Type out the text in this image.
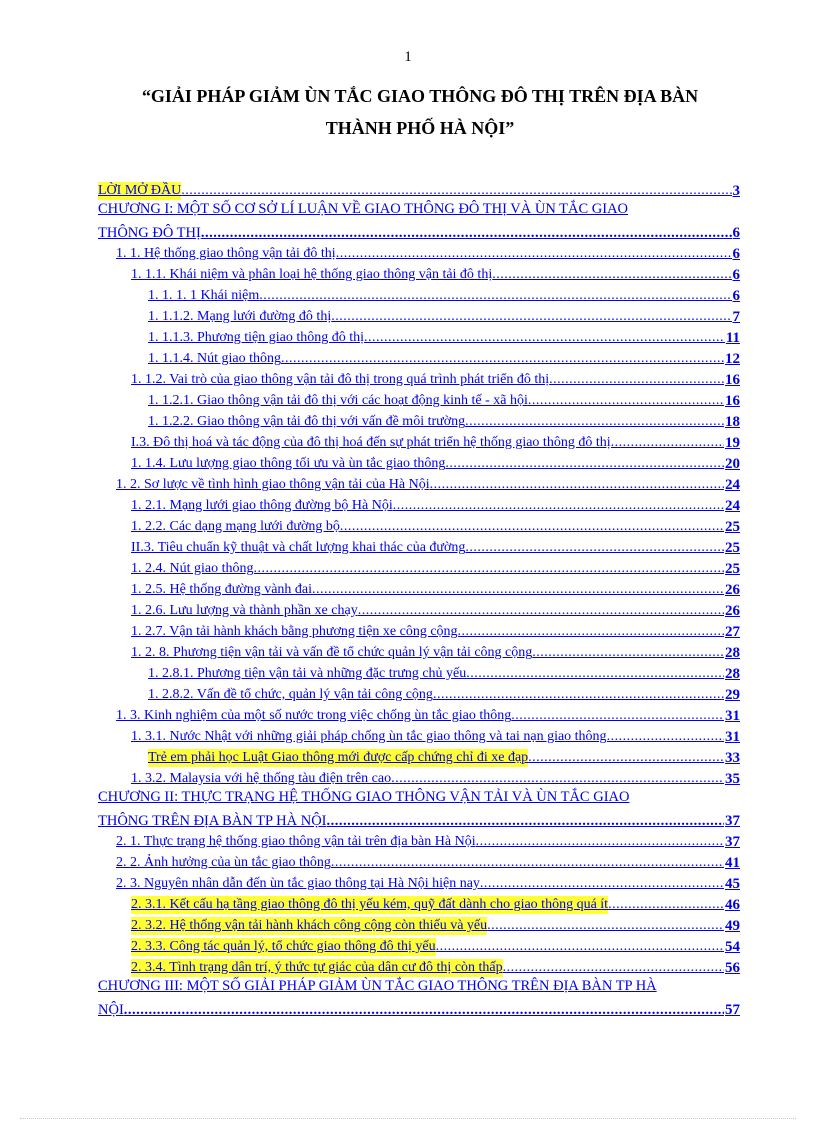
1
“GIẢI PHÁP GIẢM ÙN TẮC GIAO THÔNG ĐÔ THỊ TRÊN ĐỊA BÀN
THÀNH PHỐ HÀ NỘI”
LỜI MỞ ĐẦU .....	3
CHƯƠNG I: MỘT SỐ CƠ SỞ LÍ LUẬN VỀ GIAO THÔNG ĐÔ THỊ VÀ ÙN TẮC GIAO
THÔNG ĐÔ THỊ .....	6
1. 1. Hệ thống giao thông vận tải đô thị .....	6
1. 1.1. Khái niệm và phân loại hệ thống giao thông vận tải đô thị .....	6
1. 1. 1. 1 Khái niệm .....	6
1. 1.1.2. Mạng lưới đường đô thị .....	7
1. 1.1.3. Phương tiện giao thông đô thị .....	11
1. 1.1.4. Nút giao thông .....	12
1. 1.2. Vai trò của giao thông vận tải đô thị trong quá trình phát triển đô thị .....	16
1. 1.2.1. Giao thông vận tải đô thị với các hoạt động kinh tế - xã hội .....	16
1. 1.2.2. Giao thông vận tải đô thị với vấn đề môi trường .....	18
I.3. Đô thị hoá và tác động của đô thị hoá đến sự phát triển hệ thống giao thông đô thị .....	19
1. 1.4. Lưu lượng giao thông tối ưu và ùn tắc giao thông .....	20
1. 2. Sơ lược về tình hình giao thông vận tải của Hà Nội .....	24
1. 2.1. Mạng lưới giao thông đường bộ Hà Nội .....	24
1. 2.2. Các dạng mạng lưới đường bộ .....	25
II.3. Tiêu chuẩn kỹ thuật và chất lượng khai thác của đường .....	25
1. 2.4. Nút giao thông .....	25
1. 2.5. Hệ thống đường vành đai .....	26
1. 2.6. Lưu lượng và thành phần xe chạy .....	26
1. 2.7. Vận tải hành khách bằng phương tiện xe công cộng .....	27
1. 2. 8. Phương tiện vận tải và vấn đề tổ chức quản lý vận tải công cộng .....	28
1. 2.8.1. Phương tiện vận tải và những đặc trưng chủ yếu .....	28
1. 2.8.2. Vấn đề tổ chức, quản lý vận tải công cộng .....	29
1. 3. Kinh nghiệm của một số nước trong việc chống ùn tắc giao thông .....	31
1. 3.1. Nước Nhật với những giải pháp chống ùn tắc giao thông và tai nạn giao thông .....	31
Trẻ em phải học Luật Giao thông mới được cấp chứng chỉ đi xe đạp .....	33
1. 3.2. Malaysia với hệ thống tàu điện trên cao .....	35
CHƯƠNG II: THỰC TRẠNG HỆ THỐNG GIAO THÔNG VẬN TẢI VÀ ÙN TẮC GIAO
THÔNG TRÊN ĐỊA BÀN TP HÀ NỘI .....	37
2. 1. Thực trạng hệ thống giao thông vận tải trên địa bàn Hà Nội .....	37
2. 2. Ảnh hưởng của ùn tắc giao thông .....	41
2. 3. Nguyên nhân dẫn đến ùn tắc giao thông tại Hà Nội hiện nay .....	45
2. 3.1. Kết cấu hạ tầng giao thông đô thị yếu kém, quỹ đất dành cho giao thông quá ít .....	46
2. 3.2. Hệ thống vận tải hành khách công cộng còn thiếu và yếu .....	49
2. 3.3. Công tác quản lý, tổ chức giao thông đô thị yếu .....	54
2. 3.4. Tình trạng dân trí, ý thức tự giác của dân cư đô thị còn thấp .....	56
CHƯƠNG III: MỘT SỐ GIẢI PHÁP GIẢM ÙN TẮC GIAO THÔNG TRÊN ĐỊA BÀN TP HÀ
NỘI .....	57
